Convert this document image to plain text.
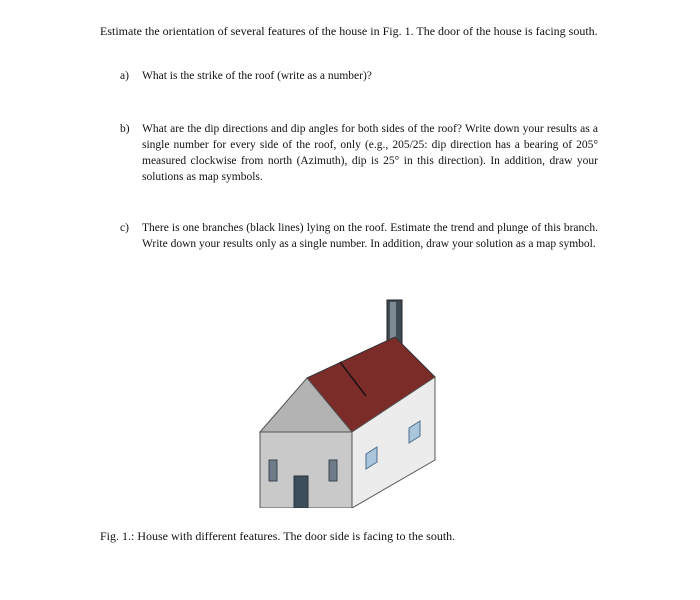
Estimate the orientation of several features of the house in Fig. 1. The door of the house is facing south.

a) What is the strike of the roof (write as a number)?
b) What are the dip directions and dip angles for both sides of the roof? Write down your results as a single number for every side of the roof, only (e.g., 205/25: dip direction has a bearing of 205° measured clockwise from north (Azimuth), dip is 25° in this direction). In addition, draw your solutions as map symbols.
c) There is one branches (black lines) lying on the roof. Estimate the trend and plunge of this branch. Write down your results only as a single number. In addition, draw your solution as a map symbol.

Fig. 1.: House with different features. The door side is facing to the south.
